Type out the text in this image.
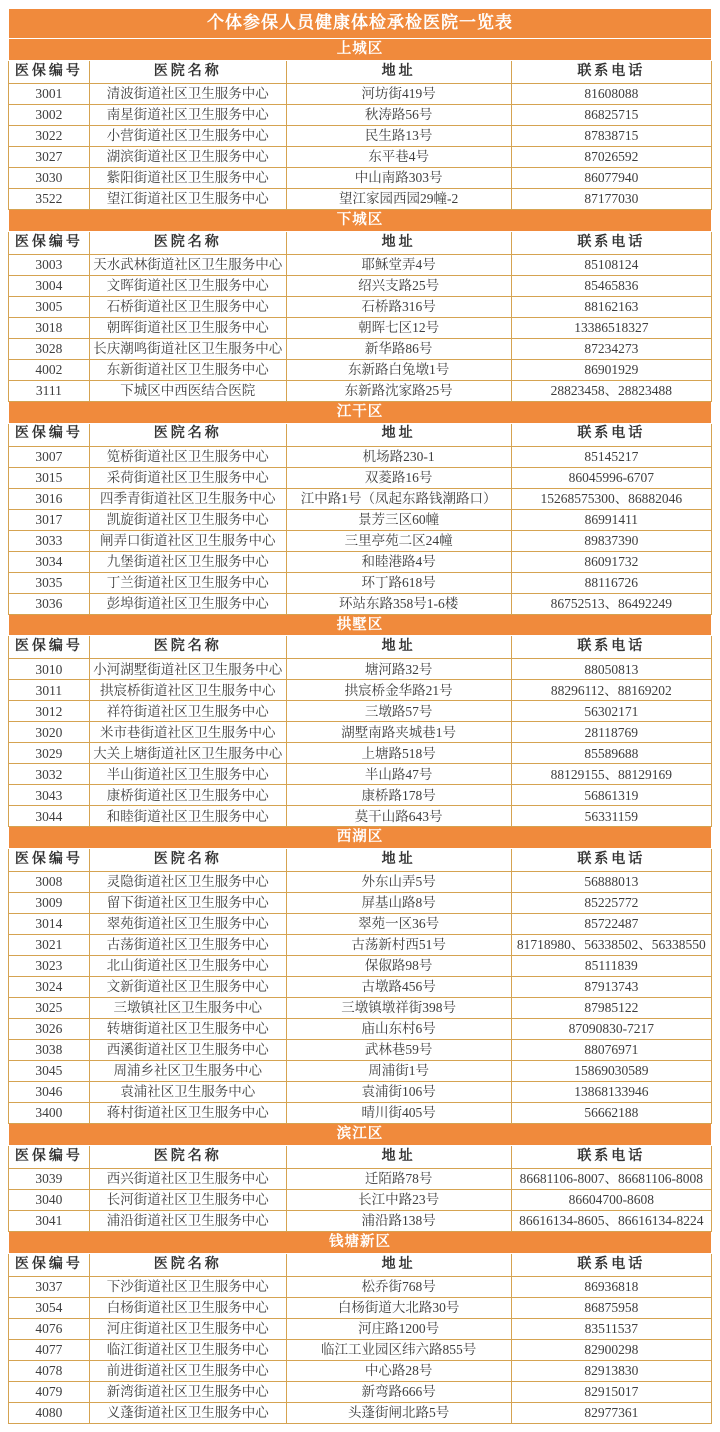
个体参保人员健康体检承检医院一览表			
上城区			
医保编号	医院名称	地址	联系电话
3001	清波街道社区卫生服务中心	河坊街419号	81608088
3002	南星街道社区卫生服务中心	秋涛路56号	86825715
3022	小营街道社区卫生服务中心	民生路13号	87838715
3027	湖滨街道社区卫生服务中心	东平巷4号	87026592
3030	紫阳街道社区卫生服务中心	中山南路303号	86077940
3522	望江街道社区卫生服务中心	望江家园西园29幢-2	87177030
下城区			
医保编号	医院名称	地址	联系电话
3003	天水武林街道社区卫生服务中心	耶稣堂弄4号	85108124
3004	文晖街道社区卫生服务中心	绍兴支路25号	85465836
3005	石桥街道社区卫生服务中心	石桥路316号	88162163
3018	朝晖街道社区卫生服务中心	朝晖七区12号	13386518327
3028	长庆潮鸣街道社区卫生服务中心	新华路86号	87234273
4002	东新街道社区卫生服务中心	东新路白兔墩1号	86901929
3111	下城区中西医结合医院	东新路沈家路25号	28823458、28823488
江干区			
医保编号	医院名称	地址	联系电话
3007	笕桥街道社区卫生服务中心	机场路230-1	85145217
3015	采荷街道社区卫生服务中心	双菱路16号	86045996-6707
3016	四季青街道社区卫生服务中心	江中路1号（凤起东路钱潮路口）	15268575300、86882046
3017	凯旋街道社区卫生服务中心	景芳三区60幢	86991411
3033	闸弄口街道社区卫生服务中心	三里亭苑二区24幢	89837390
3034	九堡街道社区卫生服务中心	和睦港路4号	86091732
3035	丁兰街道社区卫生服务中心	环丁路618号	88116726
3036	彭埠街道社区卫生服务中心	环站东路358号1-6楼	86752513、86492249
拱墅区			
医保编号	医院名称	地址	联系电话
3010	小河湖墅街道社区卫生服务中心	塘河路32号	88050813
3011	拱宸桥街道社区卫生服务中心	拱宸桥金华路21号	88296112、88169202
3012	祥符街道社区卫生服务中心	三墩路57号	56302171
3020	米市巷街道社区卫生服务中心	湖墅南路夹城巷1号	28118769
3029	大关上塘街道社区卫生服务中心	上塘路518号	85589688
3032	半山街道社区卫生服务中心	半山路47号	88129155、88129169
3043	康桥街道社区卫生服务中心	康桥路178号	56861319
3044	和睦街道社区卫生服务中心	莫干山路643号	56331159
西湖区			
医保编号	医院名称	地址	联系电话
3008	灵隐街道社区卫生服务中心	外东山弄5号	56888013
3009	留下街道社区卫生服务中心	屏基山路8号	85225772
3014	翠苑街道社区卫生服务中心	翠苑一区36号	85722487
3021	古荡街道社区卫生服务中心	古荡新村西51号	81718980、56338502、56338550
3023	北山街道社区卫生服务中心	保俶路98号	85111839
3024	文新街道社区卫生服务中心	古墩路456号	87913743
3025	三墩镇社区卫生服务中心	三墩镇墩祥街398号	87985122
3026	转塘街道社区卫生服务中心	庙山东村6号	87090830-7217
3038	西溪街道社区卫生服务中心	武林巷59号	88076971
3045	周浦乡社区卫生服务中心	周浦街1号	15869030589
3046	袁浦社区卫生服务中心	袁浦街106号	13868133946
3400	蒋村街道社区卫生服务中心	晴川街405号	56662188
滨江区			
医保编号	医院名称	地址	联系电话
3039	西兴街道社区卫生服务中心	迁陌路78号	86681106-8007、86681106-8008
3040	长河街道社区卫生服务中心	长江中路23号	86604700-8608
3041	浦沿街道社区卫生服务中心	浦沿路138号	86616134-8605、86616134-8224
钱塘新区			
医保编号	医院名称	地址	联系电话
3037	下沙街道社区卫生服务中心	松乔街768号	86936818
3054	白杨街道社区卫生服务中心	白杨街道大北路30号	86875958
4076	河庄街道社区卫生服务中心	河庄路1200号	83511537
4077	临江街道社区卫生服务中心	临江工业园区纬六路855号	82900298
4078	前进街道社区卫生服务中心	中心路28号	82913830
4079	新湾街道社区卫生服务中心	新弯路666号	82915017
4080	义蓬街道社区卫生服务中心	头蓬街闸北路5号	82977361
